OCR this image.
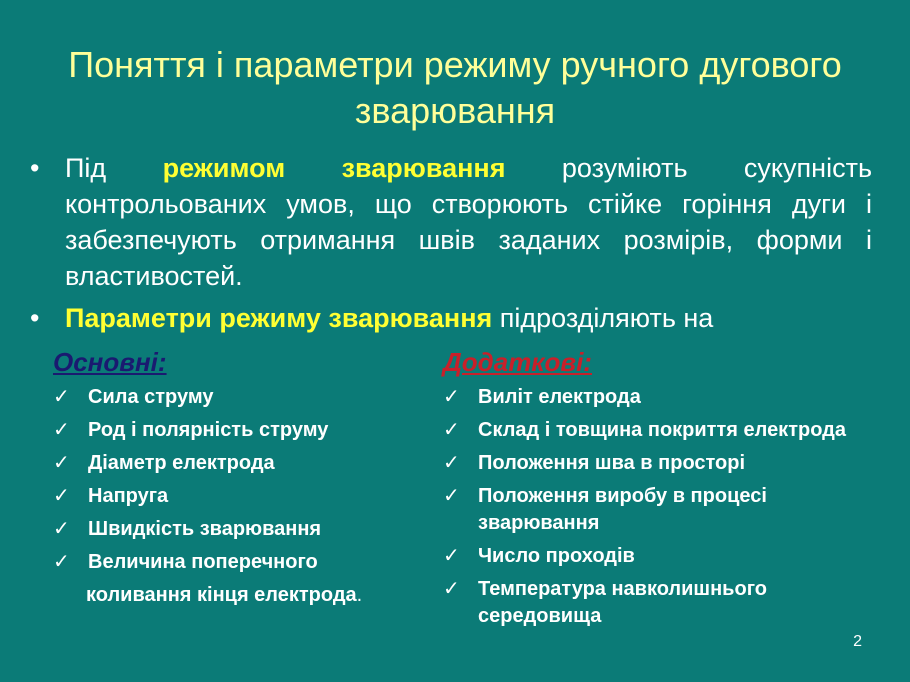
Поняття і параметри режиму ручного дугового зварювання
• Під режимом зварювання розуміють сукупність контрольованих умов, що створюють стійке горіння дуги і забезпечують отримання швів заданих розмірів, форми і властивостей.
• Параметри режиму зварювання підрозділяють на
Основні:
✓ Сила струму
✓ Род і полярність струму
✓ Діаметр електрода
✓ Напруга
✓ Швидкість зварювання
✓ Величина поперечного
коливання кінця електрода.
Додаткові:
✓ Виліт електрода
✓ Склад і товщина покриття електрода
✓ Положення шва в просторі
✓ Положення виробу в процесі зварювання
✓ Число проходів
✓ Температура навколишнього середовища
2
